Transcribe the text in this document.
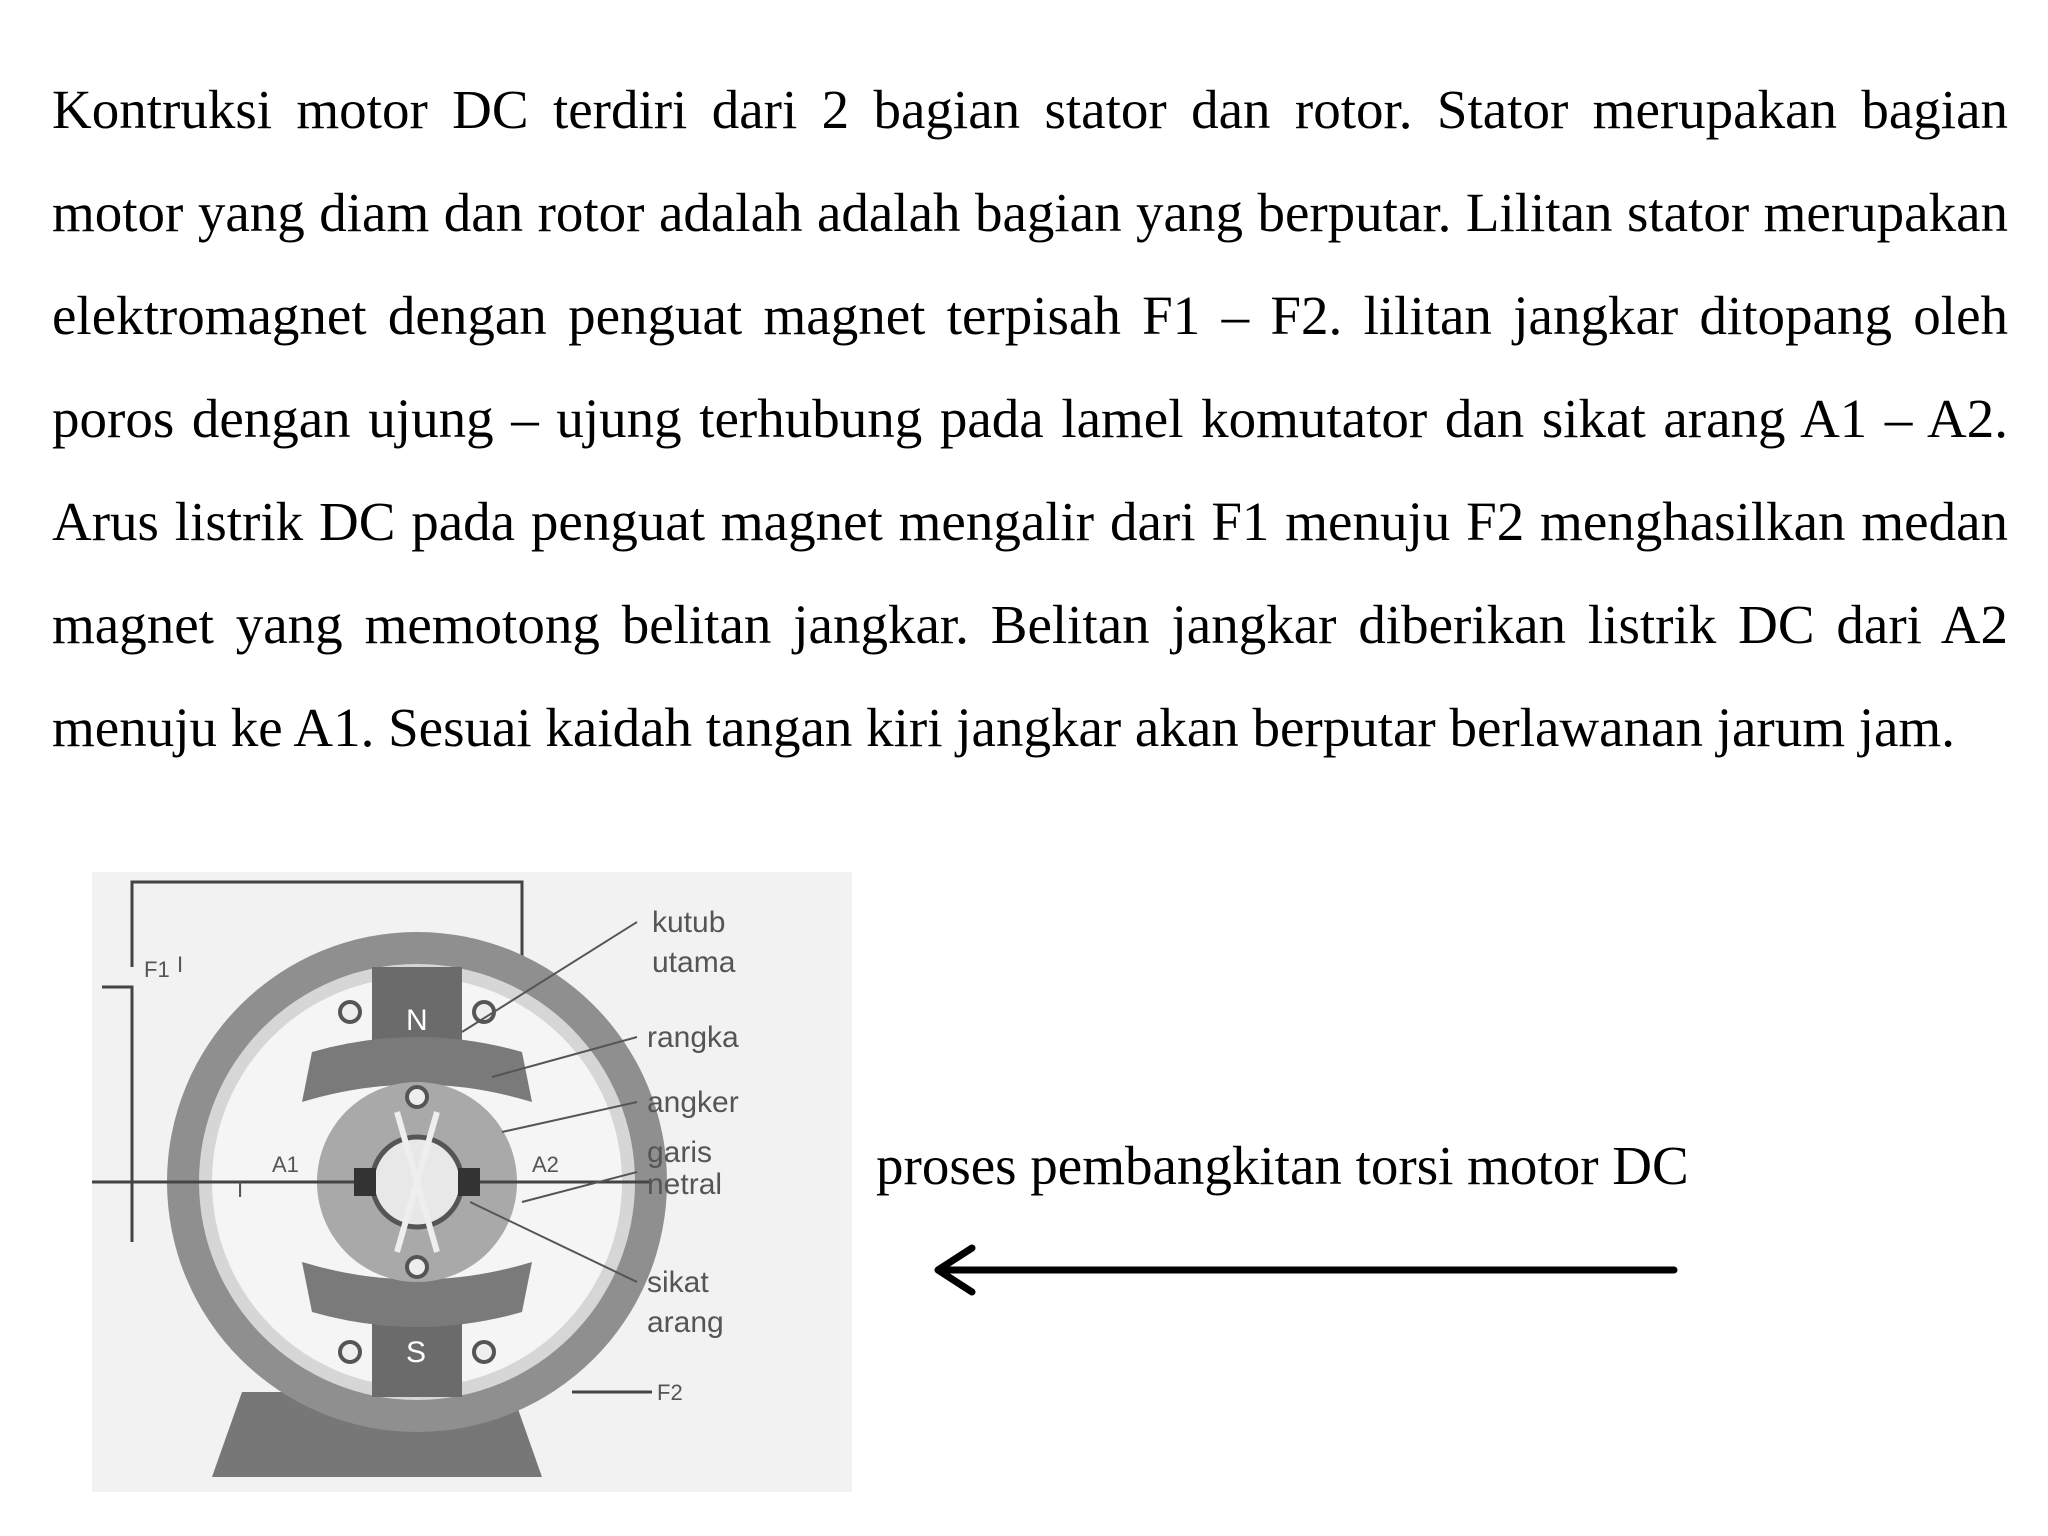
Kontruksi motor DC terdiri dari 2 bagian stator dan rotor. Stator merupakan bagian motor yang diam dan rotor adalah adalah bagian yang berputar. Lilitan stator merupakan elektromagnet dengan penguat magnet terpisah F1 – F2. lilitan jangkar ditopang oleh poros dengan ujung – ujung terhubung pada lamel komutator dan sikat arang A1 – A2. Arus listrik DC pada penguat magnet mengalir dari F1 menuju F2 menghasilkan medan magnet yang memotong belitan jangkar. Belitan jangkar diberikan listrik DC dari A2 menuju ke A1. Sesuai kaidah tangan kiri jangkar akan berputar berlawanan jarum jam.

N
S
A1	A2
F1
I
I
F2
kutub
utama
rangka
angker
garis
netral
sikat
arang
proses pembangkitan torsi motor DC
